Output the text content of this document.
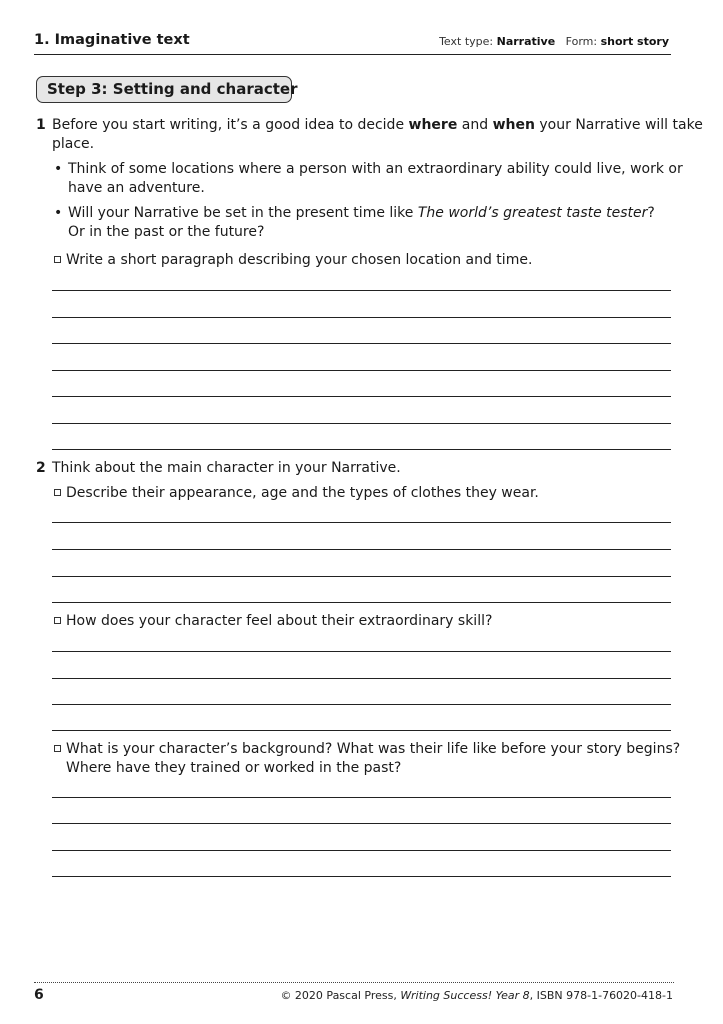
1. Imaginative text	Text type: Narrative Form: short story
Step 3: Setting and character
1 Before you start writing, it’s a good idea to decide where and when your Narrative will take
place.
• Think of some locations where a person with an extraordinary ability could live, work or
have an adventure.
• Will your Narrative be set in the present time like The world’s greatest taste tester?
Or in the past or the future?
Write a short paragraph describing your chosen location and time.
2 Think about the main character in your Narrative.
Describe their appearance, age and the types of clothes they wear.
How does your character feel about their extraordinary skill?
What is your character’s background? What was their life like before your story begins?
Where have they trained or worked in the past?
6	© 2020 Pascal Press, Writing Success! Year 8, ISBN 978-1-76020-418-1
